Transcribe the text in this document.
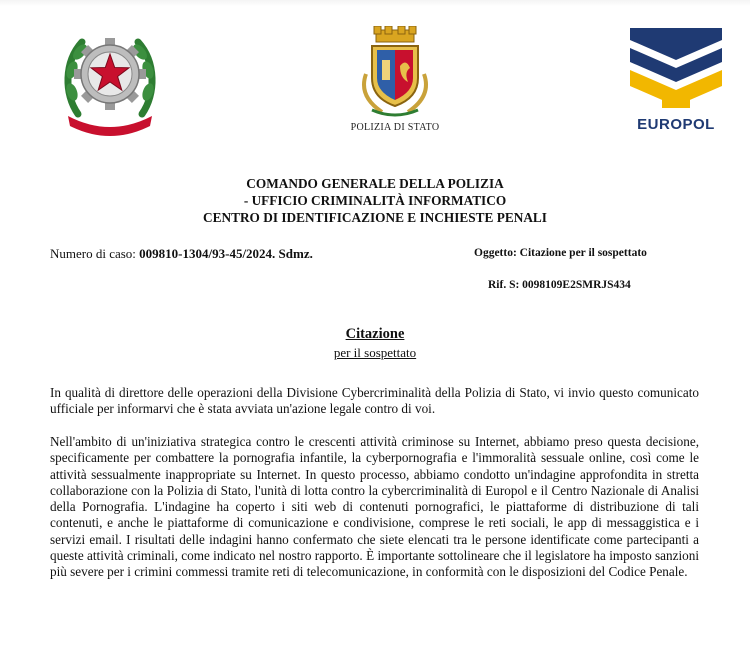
POLIZIA DI STATO	EUROPOL
COMANDO GENERALE DELLA POLIZIA
- UFFICIO CRIMINALITÀ INFORMATICO
CENTRO DI IDENTIFICAZIONE E INCHIESTE PENALI
Numero di caso: 009810-1304/93-45/2024. Sdmz.	Oggetto: Citazione per il sospettato
Rif. S: 0098109E2SMRJS434
Citazione
per il sospettato
In qualità di direttore delle operazioni della Divisione Cybercriminalità della Polizia di Stato, vi invio questo comunicato ufficiale per informarvi che è stata avviata un'azione legale contro di voi.
Nell'ambito di un'iniziativa strategica contro le crescenti attività criminose su Internet, abbiamo preso questa decisione, specificamente per combattere la pornografia infantile, la cyberpornografia e l'immoralità sessuale online, così come le attività sessualmente inappropriate su Internet. In questo processo, abbiamo condotto un'indagine approfondita in stretta collaborazione con la Polizia di Stato, l'unità di lotta contro la cybercriminalità di Europol e il Centro Nazionale di Analisi della Pornografia. L'indagine ha coperto i siti web di contenuti pornografici, le piattaforme di distribuzione di tali contenuti, e anche le piattaforme di comunicazione e condivisione, comprese le reti sociali, le app di messaggistica e i servizi email. I risultati delle indagini hanno confermato che siete elencati tra le persone identificate come partecipanti a queste attività criminali, come indicato nel nostro rapporto. È importante sottolineare che il legislatore ha imposto sanzioni più severe per i crimini commessi tramite reti di telecomunicazione, in conformità con le disposizioni del Codice Penale.
